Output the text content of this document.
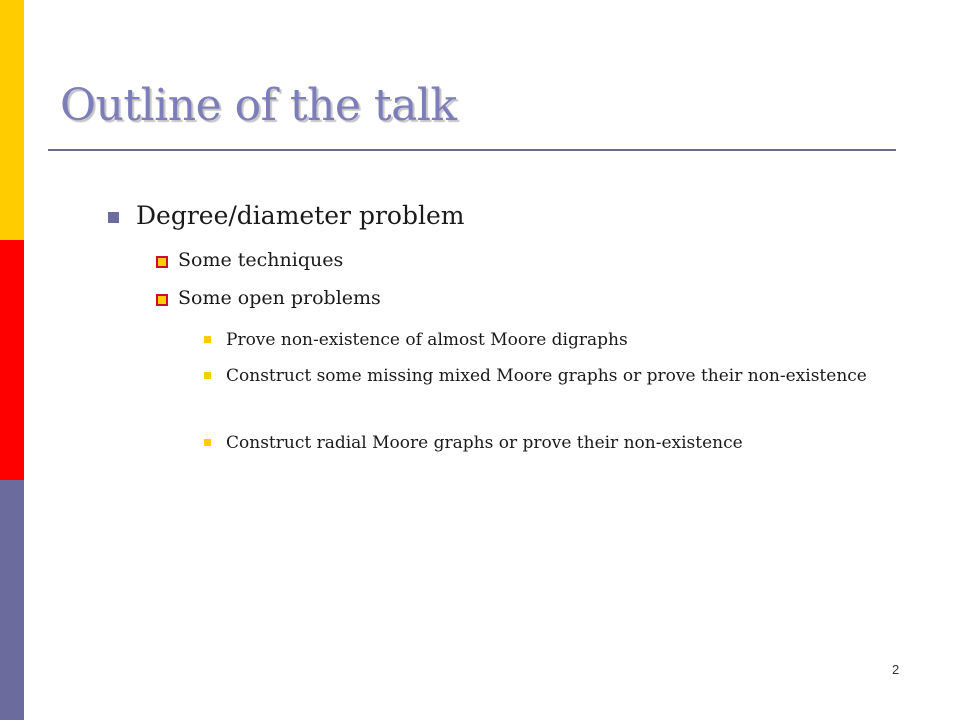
Outline of the talk
Degree/diameter problem
Some techniques
Some open problems
Prove non-existence of almost Moore digraphs
Construct some missing mixed Moore graphs or prove their non-existence
Construct radial Moore graphs or prove their non-existence
2
